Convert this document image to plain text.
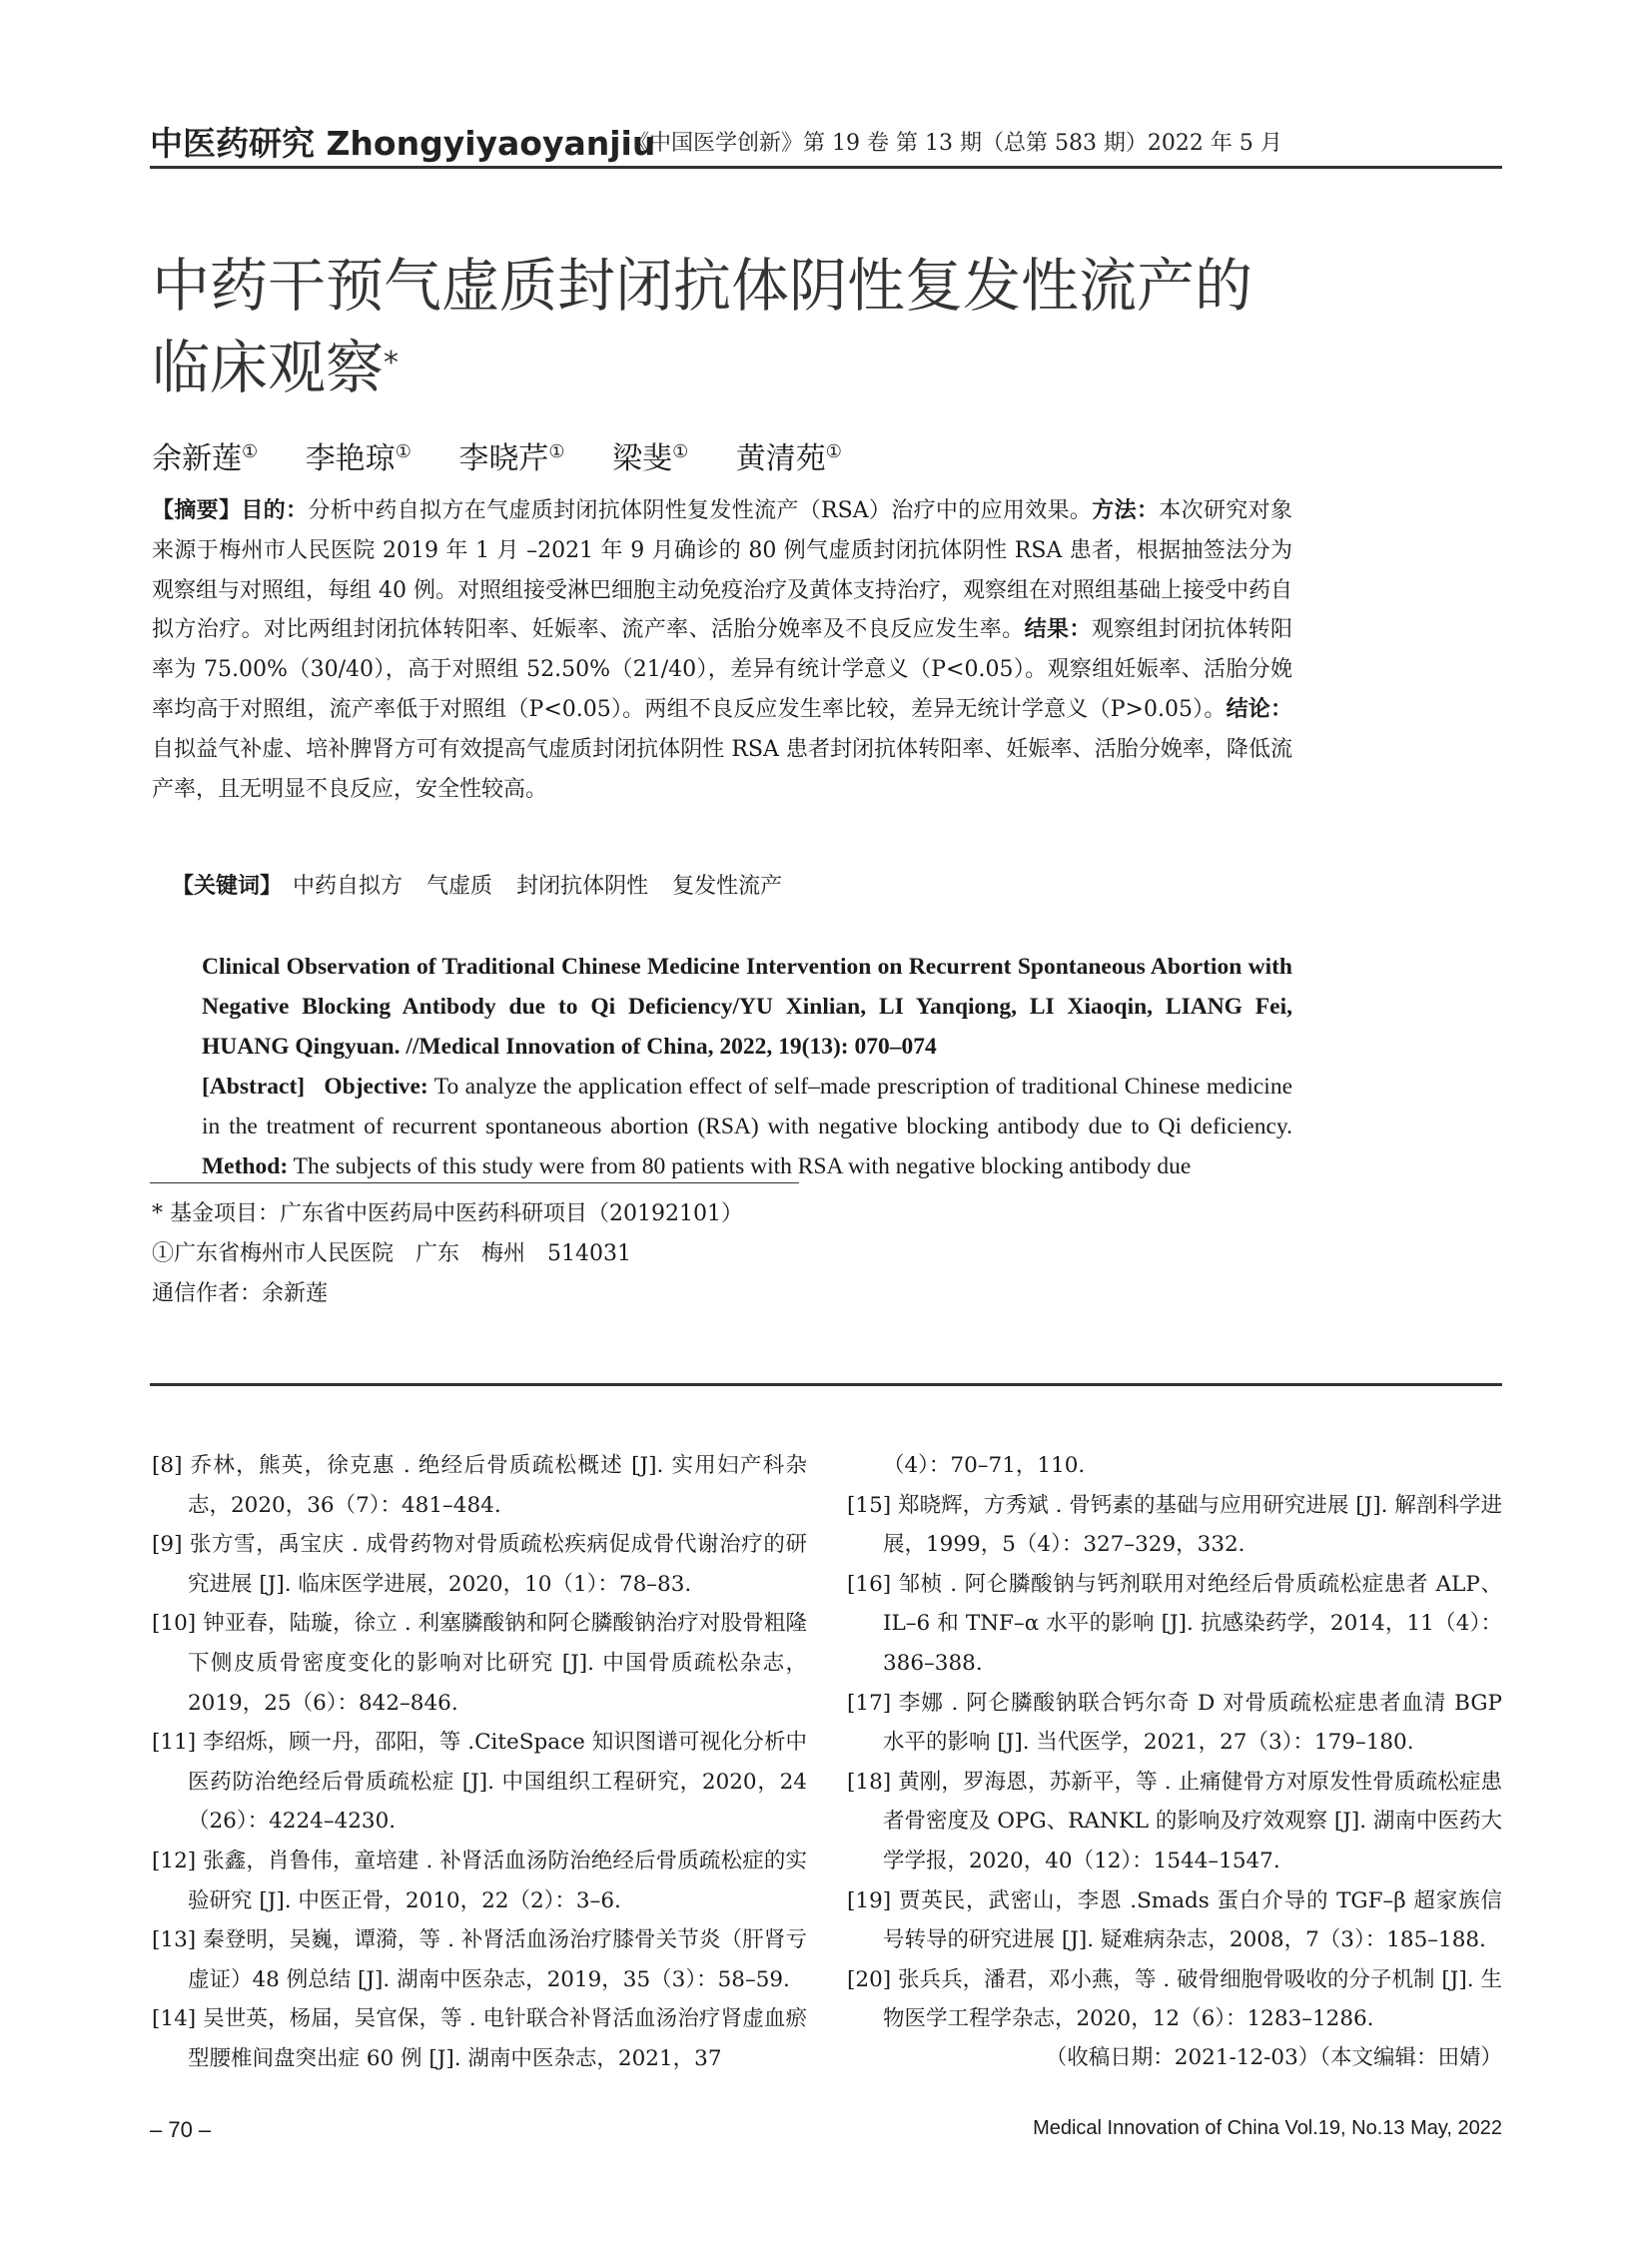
中医药研究 Zhongyiyaoyanjiu
《中国医学创新》第 19 卷 第 13 期（总第 583 期）2022 年 5 月
中药干预气虚质封闭抗体阴性复发性流产的临床观察*
余新莲① 李艳琼① 李晓芹① 梁斐① 黄清苑①
【摘要】目的：分析中药自拟方在气虚质封闭抗体阴性复发性流产（RSA）治疗中的应用效果。方法：本次研究对象来源于梅州市人民医院 2019 年 1 月 –2021 年 9 月确诊的 80 例气虚质封闭抗体阴性 RSA 患者，根据抽签法分为观察组与对照组，每组 40 例。对照组接受淋巴细胞主动免疫治疗及黄体支持治疗，观察组在对照组基础上接受中药自拟方治疗。对比两组封闭抗体转阳率、妊娠率、流产率、活胎分娩率及不良反应发生率。结果：观察组封闭抗体转阳率为 75.00%（30/40），高于对照组 52.50%（21/40），差异有统计学意义（P<0.05）。观察组妊娠率、活胎分娩率均高于对照组，流产率低于对照组（P<0.05）。两组不良反应发生率比较，差异无统计学意义（P>0.05）。结论：自拟益气补虚、培补脾肾方可有效提高气虚质封闭抗体阴性 RSA 患者封闭抗体转阳率、妊娠率、活胎分娩率，降低流产率，且无明显不良反应，安全性较高。
【关键词】　 中药自拟方 气虚质 封闭抗体阴性 复发性流产
Clinical Observation of Traditional Chinese Medicine Intervention on Recurrent Spontaneous Abortion with Negative Blocking Antibody due to Qi Deficiency/YU Xinlian, LI Yanqiong, LI Xiaoqin, LIANG Fei, HUANG Qingyuan. //Medical Innovation of China, 2022, 19(13): 070–074
[Abstract] Objective: To analyze the application effect of self–made prescription of traditional Chinese medicine in the treatment of recurrent spontaneous abortion (RSA) with negative blocking antibody due to Qi deficiency. Method: The subjects of this study were from 80 patients with RSA with negative blocking antibody due
* 基金项目：广东省中医药局中医药科研项目（20192101）
①广东省梅州市人民医院　广东　梅州　514031
通信作者：余新莲
[8] 乔林，熊英，徐克惠 . 绝经后骨质疏松概述 [J]. 实用妇产科杂志，2020，36（7）：481–484.
[9] 张方雪，禹宝庆 . 成骨药物对骨质疏松疾病促成骨代谢治疗的研究进展 [J]. 临床医学进展，2020，10（1）：78–83.
[10] 钟亚春，陆璇，徐立 . 利塞膦酸钠和阿仑膦酸钠治疗对股骨粗隆下侧皮质骨密度变化的影响对比研究 [J]. 中国骨质疏松杂志，2019，25（6）：842–846.
[11] 李绍烁，顾一丹，邵阳，等 .CiteSpace 知识图谱可视化分析中医药防治绝经后骨质疏松症 [J]. 中国组织工程研究，2020，24（26）：4224–4230.
[12] 张鑫，肖鲁伟，童培建 . 补肾活血汤防治绝经后骨质疏松症的实验研究 [J]. 中医正骨，2010，22（2）：3–6.
[13] 秦登明，吴巍，谭漪，等 . 补肾活血汤治疗膝骨关节炎（肝肾亏虚证）48 例总结 [J]. 湖南中医杂志，2019，35（3）：58–59.
[14] 吴世英，杨届，吴官保，等 . 电针联合补肾活血汤治疗肾虚血瘀型腰椎间盘突出症 60 例 [J]. 湖南中医杂志，2021，37
（4）：70–71，110.
[15] 郑晓辉，方秀斌 . 骨钙素的基础与应用研究进展 [J]. 解剖科学进展，1999，5（4）：327–329，332.
[16] 邹桢 . 阿仑膦酸钠与钙剂联用对绝经后骨质疏松症患者 ALP、IL–6 和 TNF–α 水平的影响 [J]. 抗感染药学，2014，11（4）：386–388.
[17] 李娜 . 阿仑膦酸钠联合钙尔奇 D 对骨质疏松症患者血清 BGP 水平的影响 [J]. 当代医学，2021，27（3）：179–180.
[18] 黄刚，罗海恩，苏新平，等 . 止痛健骨方对原发性骨质疏松症患者骨密度及 OPG、RANKL 的影响及疗效观察 [J]. 湖南中医药大学学报，2020，40（12）：1544–1547.
[19] 贾英民，武密山，李恩 .Smads 蛋白介导的 TGF–β 超家族信号转导的研究进展 [J]. 疑难病杂志，2008，7（3）：185–188.
[20] 张兵兵，潘君，邓小燕，等 . 破骨细胞骨吸收的分子机制 [J]. 生物医学工程学杂志，2020，12（6）：1283–1286.
（收稿日期：2021-12-03）（本文编辑：田婧）
– 70 –	Medical Innovation of China Vol.19, No.13 May, 2022
